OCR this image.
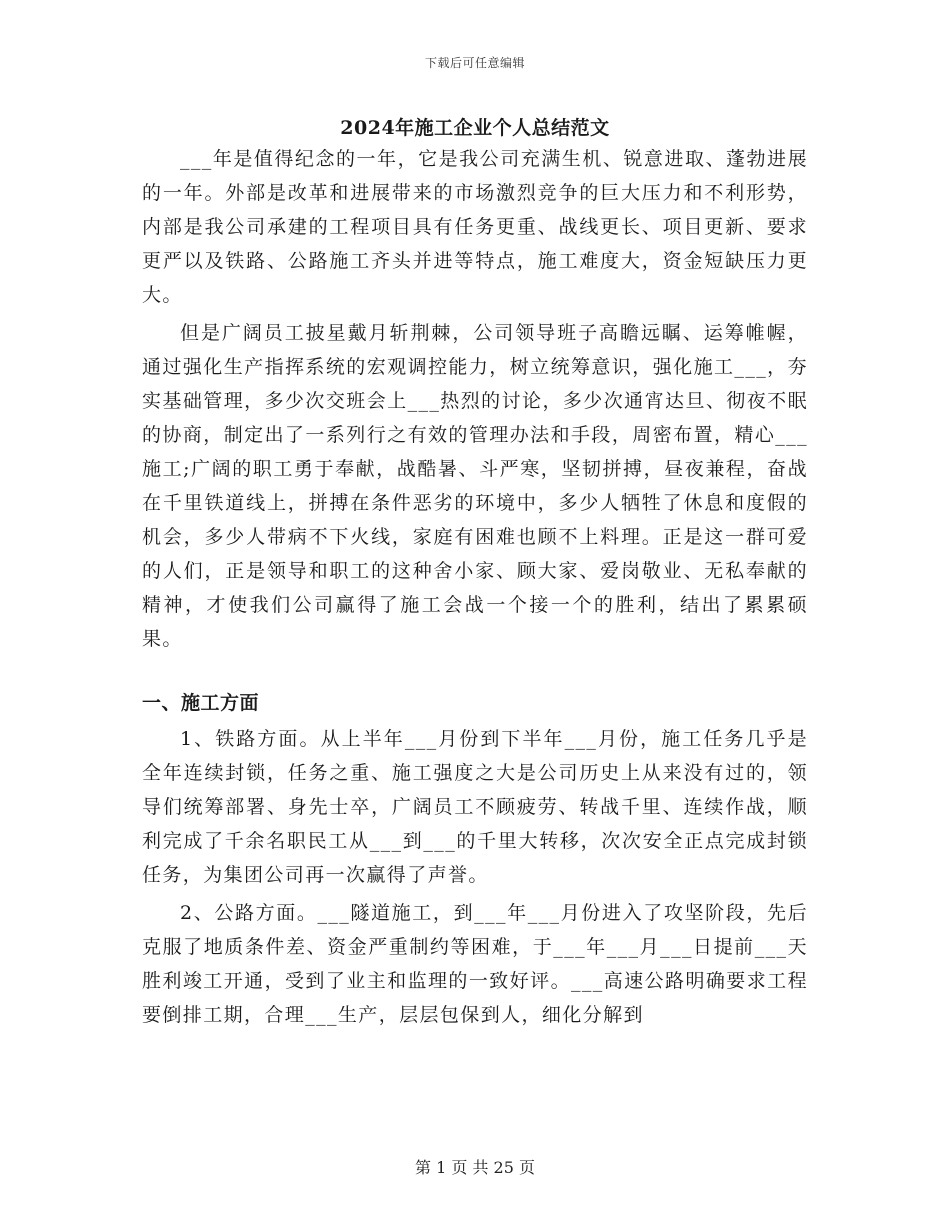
下载后可任意编辑
2024年施工企业个人总结范文

___年是值得纪念的一年，它是我公司充满生机、锐意进取、蓬勃进展的一年。外部是改革和进展带来的市场激烈竞争的巨大压力和不利形势，内部是我公司承建的工程项目具有任务更重、战线更长、项目更新、要求更严以及铁路、公路施工齐头并进等特点，施工难度大，资金短缺压力更大。

但是广阔员工披星戴月斩荆棘，公司领导班子高瞻远瞩、运筹帷幄，通过强化生产指挥系统的宏观调控能力，树立统筹意识，强化施工___，夯实基础管理，多少次交班会上___热烈的讨论，多少次通宵达旦、彻夜不眠的协商，制定出了一系列行之有效的管理办法和手段，周密布置，精心___施工;广阔的职工勇于奉献，战酷暑、斗严寒，坚韧拼搏，昼夜兼程，奋战在千里铁道线上，拼搏在条件恶劣的环境中，多少人牺牲了休息和度假的机会，多少人带病不下火线，家庭有困难也顾不上料理。正是这一群可爱的人们，正是领导和职工的这种舍小家、顾大家、爱岗敬业、无私奉献的精神，才使我们公司赢得了施工会战一个接一个的胜利，结出了累累硕果。

一、施工方面

1、铁路方面。从上半年___月份到下半年___月份，施工任务几乎是全年连续封锁，任务之重、施工强度之大是公司历史上从来没有过的，领导们统筹部署、身先士卒，广阔员工不顾疲劳、转战千里、连续作战，顺利完成了千余名职民工从___到___的千里大转移，次次安全正点完成封锁任务，为集团公司再一次赢得了声誉。

2、公路方面。___隧道施工，到___年___月份进入了攻坚阶段，先后克服了地质条件差、资金严重制约等困难，于___年___月___日提前___天胜利竣工开通，受到了业主和监理的一致好评。___高速公路明确要求工程要倒排工期，合理___生产，层层包保到人，细化分解到

第 1 页 共 25 页
